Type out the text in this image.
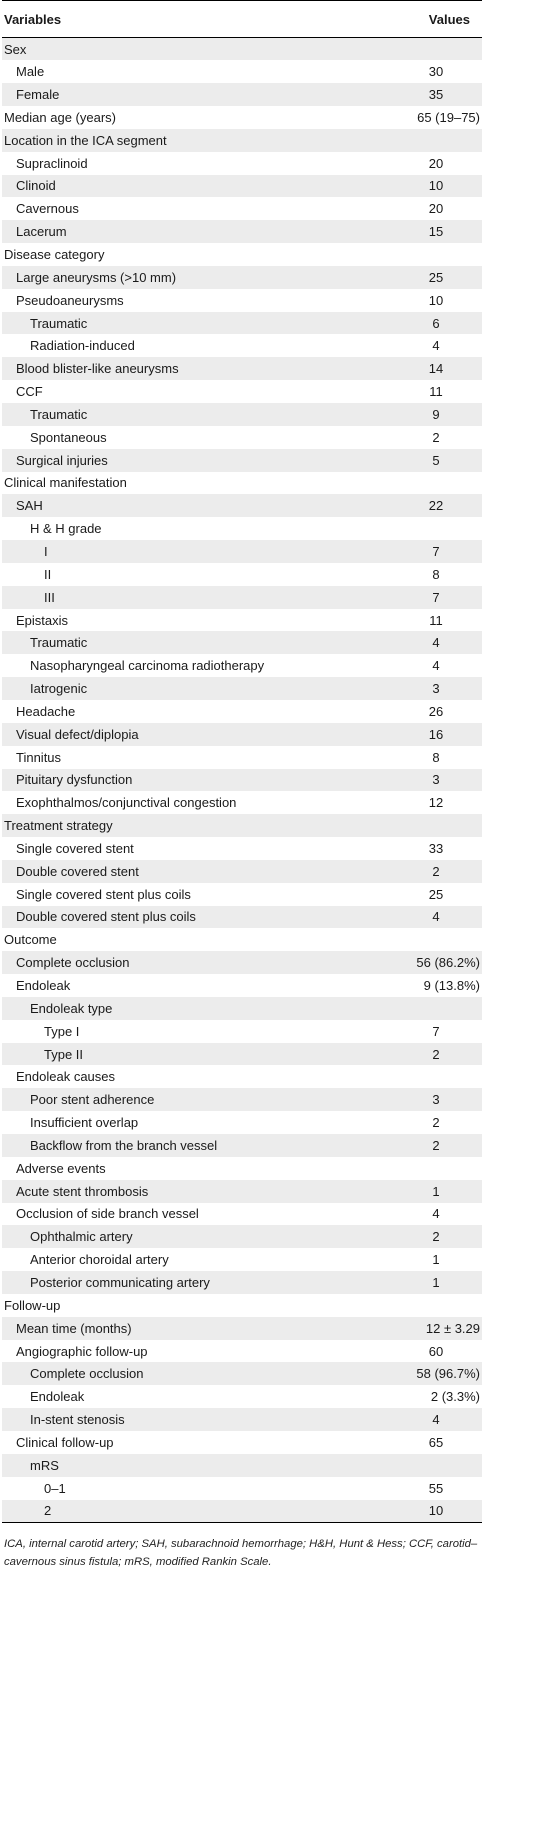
Variables	Values
Sex	
Male	30
Female	35
Median age (years)	65 (19–75)
Location in the ICA segment	
Supraclinoid	20
Clinoid	10
Cavernous	20
Lacerum	15
Disease category	
Large aneurysms (>10 mm)	25
Pseudoaneurysms	10
Traumatic	6
Radiation-induced	4
Blood blister-like aneurysms	14
CCF	11
Traumatic	9
Spontaneous	2
Surgical injuries	5
Clinical manifestation	
SAH	22
H & H grade	
I	7
II	8
III	7
Epistaxis	11
Traumatic	4
Nasopharyngeal carcinoma radiotherapy	4
Iatrogenic	3
Headache	26
Visual defect/diplopia	16
Tinnitus	8
Pituitary dysfunction	3
Exophthalmos/conjunctival congestion	12
Treatment strategy	
Single covered stent	33
Double covered stent	2
Single covered stent plus coils	25
Double covered stent plus coils	4
Outcome	
Complete occlusion	56 (86.2%)
Endoleak	9 (13.8%)
Endoleak type	
Type I	7
Type II	2
Endoleak causes	
Poor stent adherence	3
Insufficient overlap	2
Backflow from the branch vessel	2
Adverse events	
Acute stent thrombosis	1
Occlusion of side branch vessel	4
Ophthalmic artery	2
Anterior choroidal artery	1
Posterior communicating artery	1
Follow-up	
Mean time (months)	12 ± 3.29
Angiographic follow-up	60
Complete occlusion	58 (96.7%)
Endoleak	2 (3.3%)
In-stent stenosis	4
Clinical follow-up	65
mRS	
0–1	55
2	10
ICA, internal carotid artery; SAH, subarachnoid hemorrhage; H&H, Hunt & Hess; CCF, carotid–cavernous sinus fistula; mRS, modified Rankin Scale.
